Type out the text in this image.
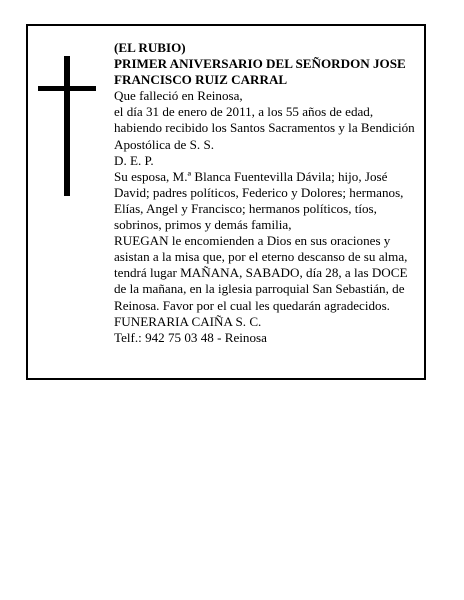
(EL RUBIO)

PRIMER ANIVERSARIO DEL SEÑORDON JOSE FRANCISCO RUIZ CARRAL

Que falleció en Reinosa,

el día 31 de enero de 2011, a los 55 años de edad, habiendo recibido los Santos Sacramentos y la Bendición Apostólica de S. S.

D. E. P.

Su esposa, M.ª Blanca Fuentevilla Dávila; hijo, José David; padres políticos, Federico y Dolores; hermanos, Elías, Angel y Francisco; hermanos políticos, tíos, sobrinos, primos y demás familia,

RUEGAN le encomienden a Dios en sus oraciones y asistan a la misa que, por el eterno descanso de su alma, tendrá lugar MAÑANA, SABADO, día 28, a las DOCE de la mañana, en la iglesia parroquial San Sebastián, de Reinosa. Favor por el cual les quedarán agradecidos.

FUNERARIA CAIÑA S. C.

Telf.: 942 75 03 48 - Reinosa
